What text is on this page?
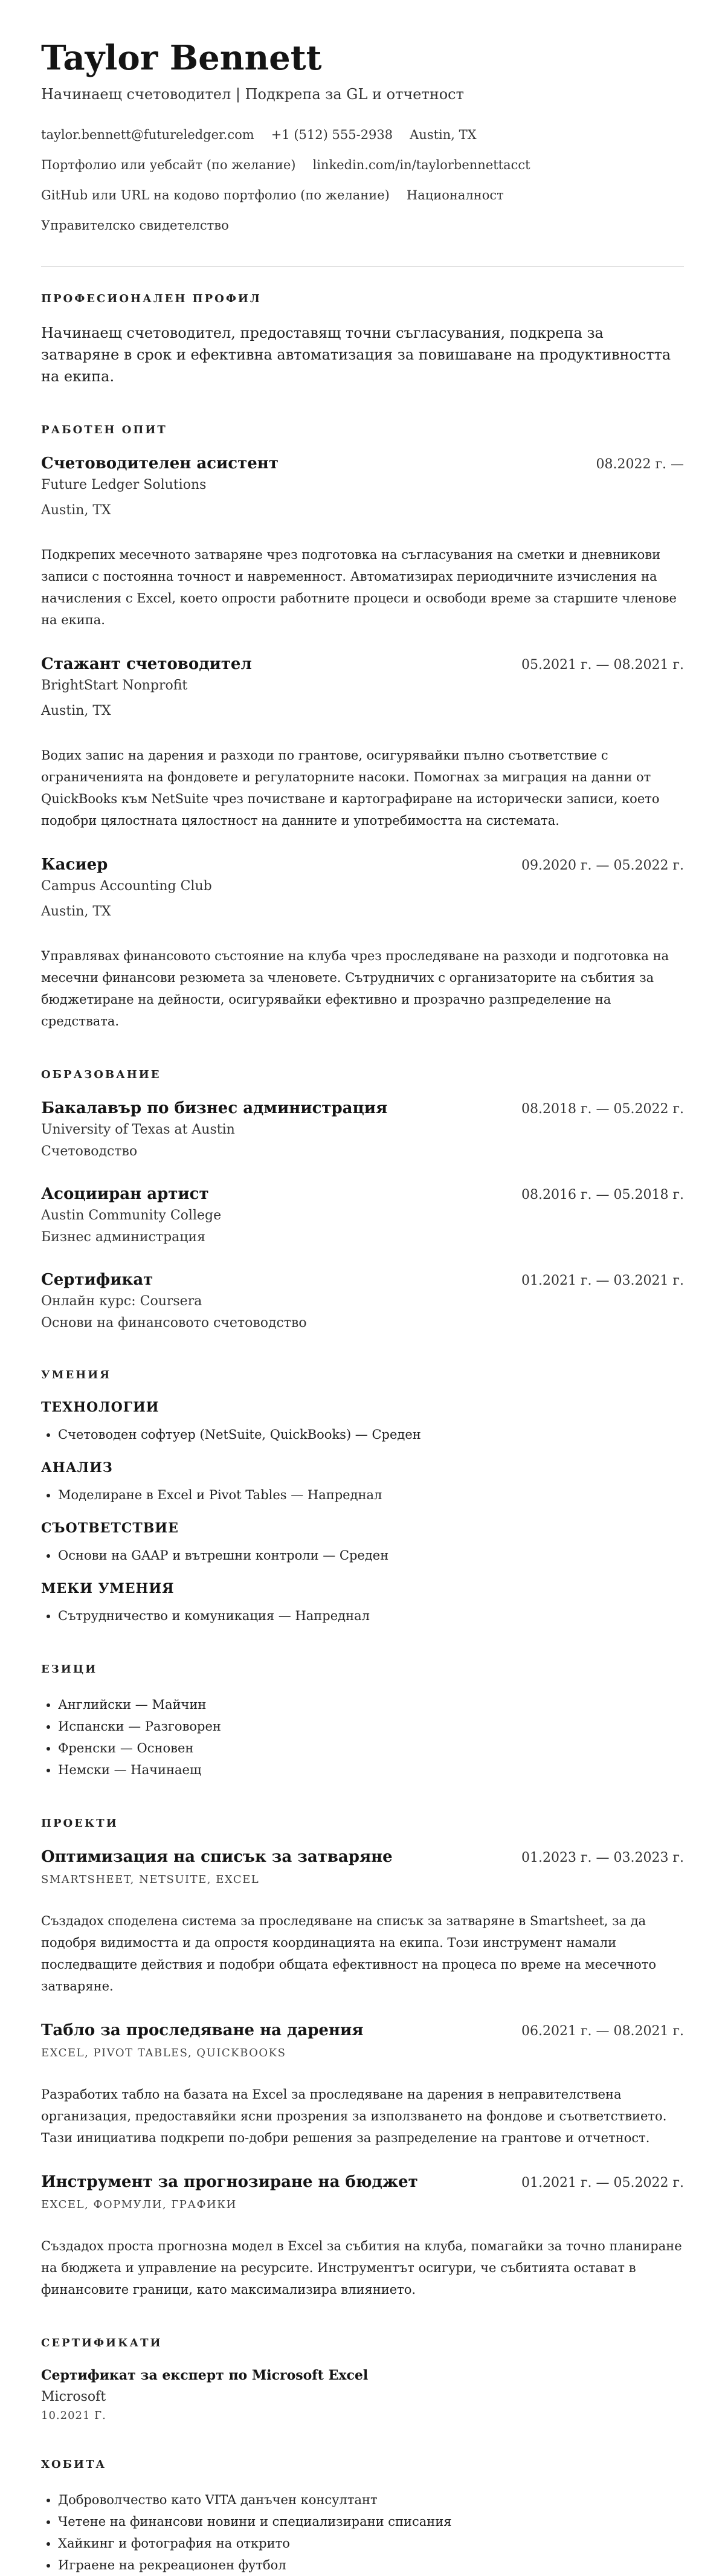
Taylor Bennett
Начинаещ счетоводител | Подкрепа за GL и отчетност
taylor.bennett@futureledger.com +1 (512) 555-2938 Austin, TX
Портфолио или уебсайт (по желание) linkedin.com/in/taylorbennettacct
GitHub или URL на кодово портфолио (по желание) Националност
Управителско свидетелство
ПРОФЕСИОНАЛЕН ПРОФИЛ
Начинаещ счетоводител, предоставящ точни съгласувания, подкрепа за затваряне в срок и ефективна автоматизация за повишаване на продуктивността на екипа.
РАБОТЕН ОПИТ
Счетоводителен асистент	08.2022 г. —
Future Ledger Solutions
Austin, TX
Подкрепих месечното затваряне чрез подготовка на съгласувания на сметки и дневникови записи с постоянна точност и навременност. Автоматизирах периодичните изчисления на начисления с Excel, което опрости работните процеси и освободи време за старшите членове на екипа.
Стажант счетоводител	05.2021 г. — 08.2021 г.
BrightStart Nonprofit
Austin, TX
Водих запис на дарения и разходи по грантове, осигурявайки пълно съответствие с ограниченията на фондовете и регулаторните насоки. Помогнах за миграция на данни от QuickBooks към NetSuite чрез почистване и картографиране на исторически записи, което подобри цялостната цялостност на данните и употребимостта на системата.
Касиер	09.2020 г. — 05.2022 г.
Campus Accounting Club
Austin, TX
Управлявах финансовото състояние на клуба чрез проследяване на разходи и подготовка на месечни финансови резюмета за членовете. Сътрудничих с организаторите на събития за бюджетиране на дейности, осигурявайки ефективно и прозрачно разпределение на средствата.
ОБРАЗОВАНИЕ
Бакалавър по бизнес администрация	08.2018 г. — 05.2022 г.
University of Texas at Austin
Счетоводство
Асоцииран артист	08.2016 г. — 05.2018 г.
Austin Community College
Бизнес администрация
Сертификат	01.2021 г. — 03.2021 г.
Онлайн курс: Coursera
Основи на финансовото счетоводство
УМЕНИЯ
ТЕХНОЛОГИИ
• Счетоводен софтуер (NetSuite, QuickBooks) — Среден
АНАЛИЗ
• Моделиране в Excel и Pivot Tables — Напреднал
СЪОТВЕТСТВИЕ
• Основи на GAAP и вътрешни контроли — Среден
МЕКИ УМЕНИЯ
• Сътрудничество и комуникация — Напреднал
ЕЗИЦИ
• Английски — Майчин
• Испански — Разговорен
• Френски — Основен
• Немски — Начинаещ
ПРОЕКТИ
Оптимизация на списък за затваряне	01.2023 г. — 03.2023 г.
SMARTSHEET, NETSUITE, EXCEL
Създадох споделена система за проследяване на списък за затваряне в Smartsheet, за да подобря видимостта и да опростя координацията на екипа. Този инструмент намали последващите действия и подобри общата ефективност на процеса по време на месечното затваряне.
Табло за проследяване на дарения	06.2021 г. — 08.2021 г.
EXCEL, PIVOT TABLES, QUICKBOOKS
Разработих табло на базата на Excel за проследяване на дарения в неправителствена организация, предоставяйки ясни прозрения за използването на фондове и съответствието. Тази инициатива подкрепи по-добри решения за разпределение на грантове и отчетност.
Инструмент за прогнозиране на бюджет	01.2021 г. — 05.2022 г.
EXCEL, ФОРМУЛИ, ГРАФИКИ
Създадох проста прогнозна модел в Excel за събития на клуба, помагайки за точно планиране на бюджета и управление на ресурсите. Инструментът осигури, че събитията остават в финансовите граници, като максимализира влиянието.
СЕРТИФИКАТИ
Сертификат за експерт по Microsoft Excel
Microsoft
10.2021 Г.
ХОБИТА
• Доброволчество като VITA данъчен консултант
• Четене на финансови новини и специализирани списания
• Хайкинг и фотография на открито
• Играене на рекреационен футбол
